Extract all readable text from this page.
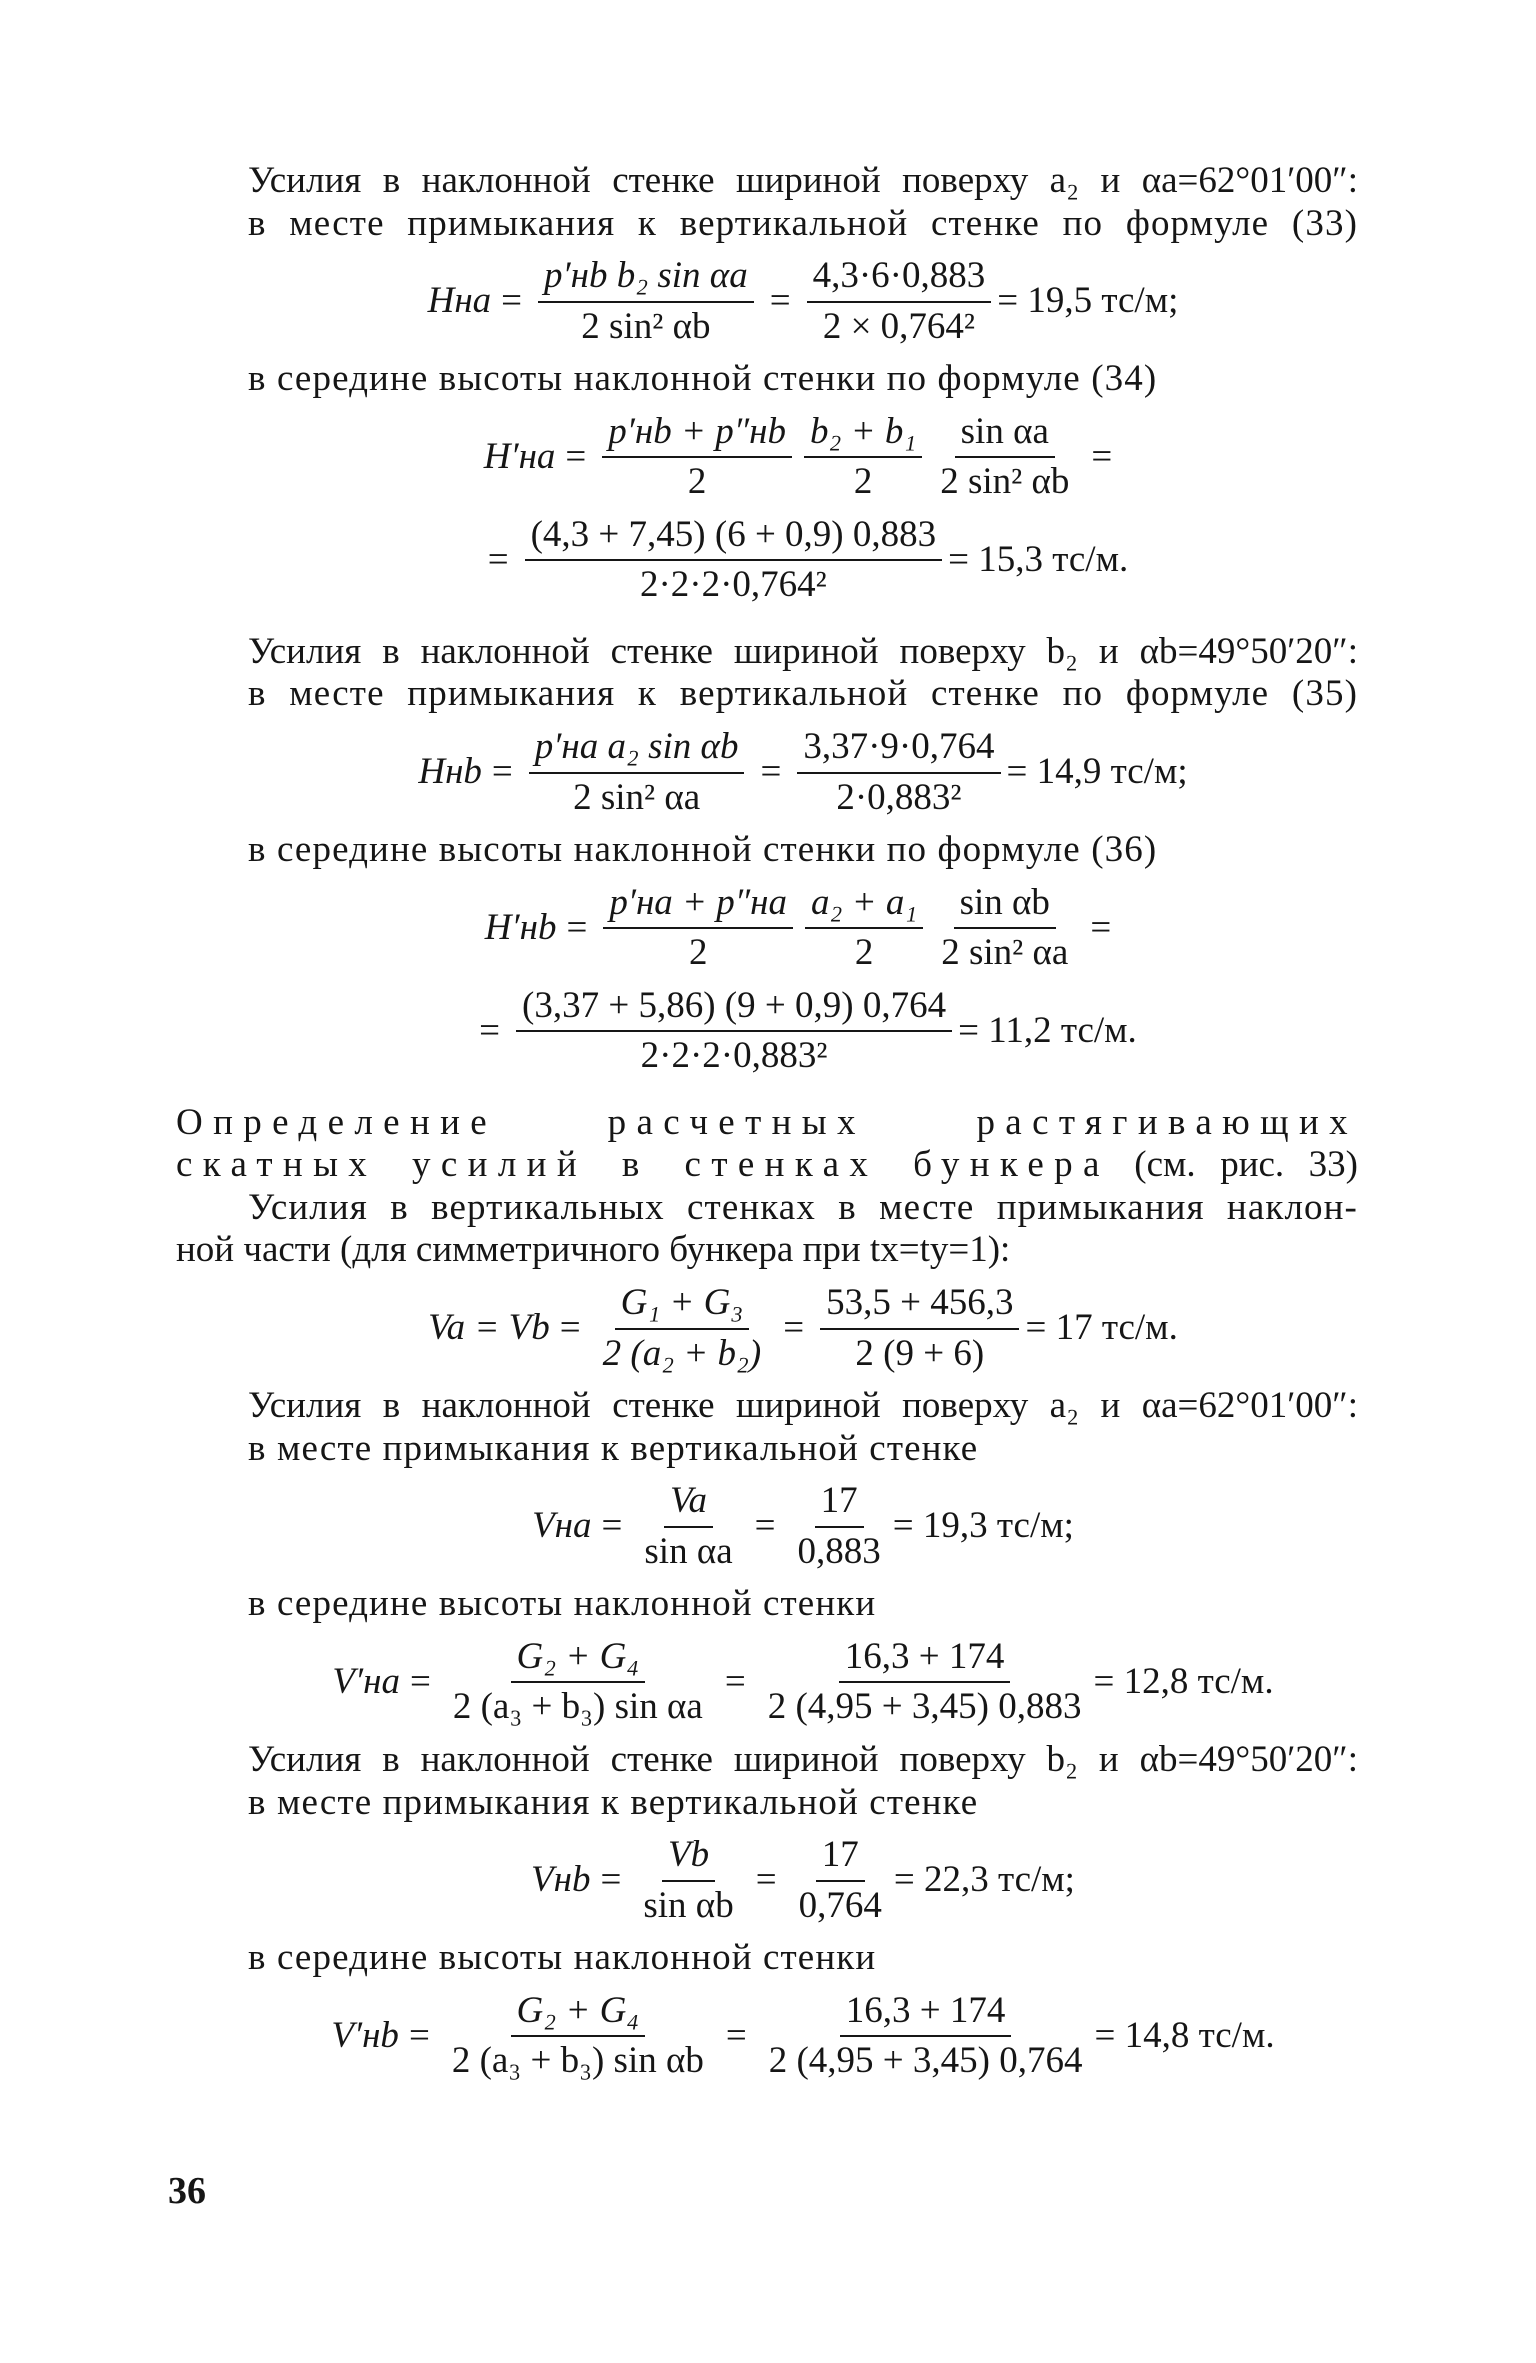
Усилия в наклонной стенке шириной поверху a₂ и αa=62°01′00″:

в месте примыкания к вертикальной стенке по формуле (33)

Hна = $\frac{\text{p′нb b₂ sin αa}}{\text{2 sin² αb}} = \frac{4,3\cdot 6\cdot 0,883}{\text{2 × 0,764²}} = 19,5$ тс/м;

в середине высоты наклонной стенки по формуле (34)

$H'на = \frac{p'нb + p''нb}{2} \frac{\text{b₂ + b₁}}{2} \frac{\text{sin αa}}{\text{2 sin² αb}}$ =
= $\frac{(4,3 + 7,45) (6 + 0,9) 0,883}{\text{2·2·2·0,764²}} = 15,3$ тс/м.

Усилия в наклонной стенке шириной поверху b₂ и αb=49°50′20″:

в месте примыкания к вертикальной стенке по формуле (35)

Hнb = $\frac{\text{p′на a₂ sin αb}}{\text{2 sin² αa}} = \frac{3,37\cdot 9\cdot 0,764}{\text{2·0,883²}} = 14,9$ тс/м;

в середине высоты наклонной стенки по формуле (36)

$H'нb = \frac{p'на + p''на}{2} \frac{\text{a₂ + a₁}}{2} \frac{\text{sin αb}}{\text{2 sin² αa}}$ =
= $\frac{(3,37 + 5,86) (9 + 0,9) 0,764}{\text{2·2·2·0,883²}} = 11,2$ тс/м.

Определение расчетных растягивающих

скатных усилий в стенках бункера (см. рис. 33)

Усилия в вертикальных стенках в месте примыкания наклон-

ной части (для симметричного бункера при tx=ty=1):

$Va = Vb = \frac{\text{G₁ + G₃}}{\text{2 (a₂ + b₂)}} = \frac{53,5 + 456,3}{2 (9 + 6)} = 17$ тс/м.

Усилия в наклонной стенке шириной поверху a₂ и αa=62°01′00″:

в месте примыкания к вертикальной стенке

Vна = $\frac{Va}{\text{sin αa}} = \frac{17}{0,883} = 19,3$ тс/м;

в середине высоты наклонной стенки

$V'на = \frac{\text{G₂ + G₄}}{\text{2 (a₃ + b₃) sin αa}} = \frac{16,3 + 174}{2 (4,95 + 3,45) 0,883} = 12,8$ тс/м.

Усилия в наклонной стенке шириной поверху b₂ и αb=49°50′20″:

в месте примыкания к вертикальной стенке

Vнb = $\frac{Vb}{\text{sin αb}} = \frac{17}{0,764} = 22,3$ тс/м;

в середине высоты наклонной стенки

$V'нb = \frac{\text{G₂ + G₄}}{\text{2 (a₃ + b₃) sin αb}} = \frac{16,3 + 174}{2 (4,95 + 3,45) 0,764} = 14,8$ тс/м.
36
